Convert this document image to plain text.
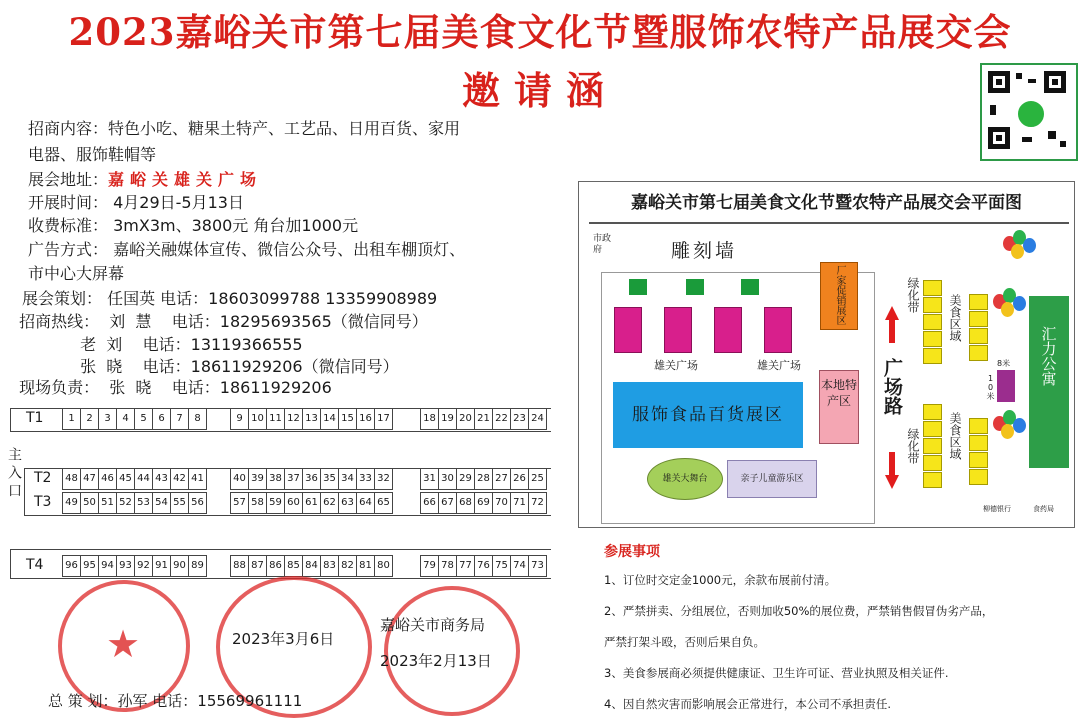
2023嘉峪关市第七届美食文化节暨服饰农特产品展交会
邀请涵
招商内容：特色小吃、糖果土特产、工艺品、日用百货、家用
电器、服饰鞋帽等
展会地址：嘉峪关雄关广场
开展时间： 4月29日-5月13日
收费标准： 3mX3m、3800元 角台加1000元
广告方式： 嘉峪关融媒体宣传、微信公众号、出租车棚顶灯、
市中心大屏幕
展会策划： 任国英 电话：18603099788 13359908989
招商热线：  刘  慧    电话：18295693565（微信同号）
老  刘    电话：13119366555
张  晓    电话：18611929206（微信同号）
现场负责：  张  晓    电话：18611929206
T1	1	2	3	4	5	6	7	8	9 10 11 12 13 14 15 16 17	18 19 20 21 22 23 24
主入口 T2	48 47 46 45 44 43 42 41	40 39 38 37 36 35 34 33 32	31 30 29 28 27 26 25
T3	49 50 51 52 53 54 55 56	57 58 59 60 61 62 63 64 65	66 67 68 69 70 71 72
T4	96 95 94 93 92 91 90 89	88 87 86 85 84 83 82 81 80	79 78 77 76 75 74 73
嘉峪关市第七届美食文化节暨农特产品展交会平面图
市政府	雕刻墙
雄关广场	雄关广场
厂家促销展区
服饰食品百货展区
本地特产区
雄关大舞台	亲子儿童游乐区
广场路
绿化带
绿化带
美食区域
美食区域
8米
10米
汇力公寓
柳德银行	食药局
参展事项
1、订位时交定金1000元，余款布展前付清。
2、严禁拼卖、分组展位，否则加收50%的展位费，严禁销售假冒伪劣产品，
严禁打架斗殴，否则后果自负。
3、美食参展商必须提供健康证、卫生许可证、营业执照及相关证件.
4、因自然灾害而影响展会正常进行，本公司不承担责任.
★	2023年3月6日
嘉峪关市商务局
2023年2月13日
总 策 划：孙军 电话：15569961111
